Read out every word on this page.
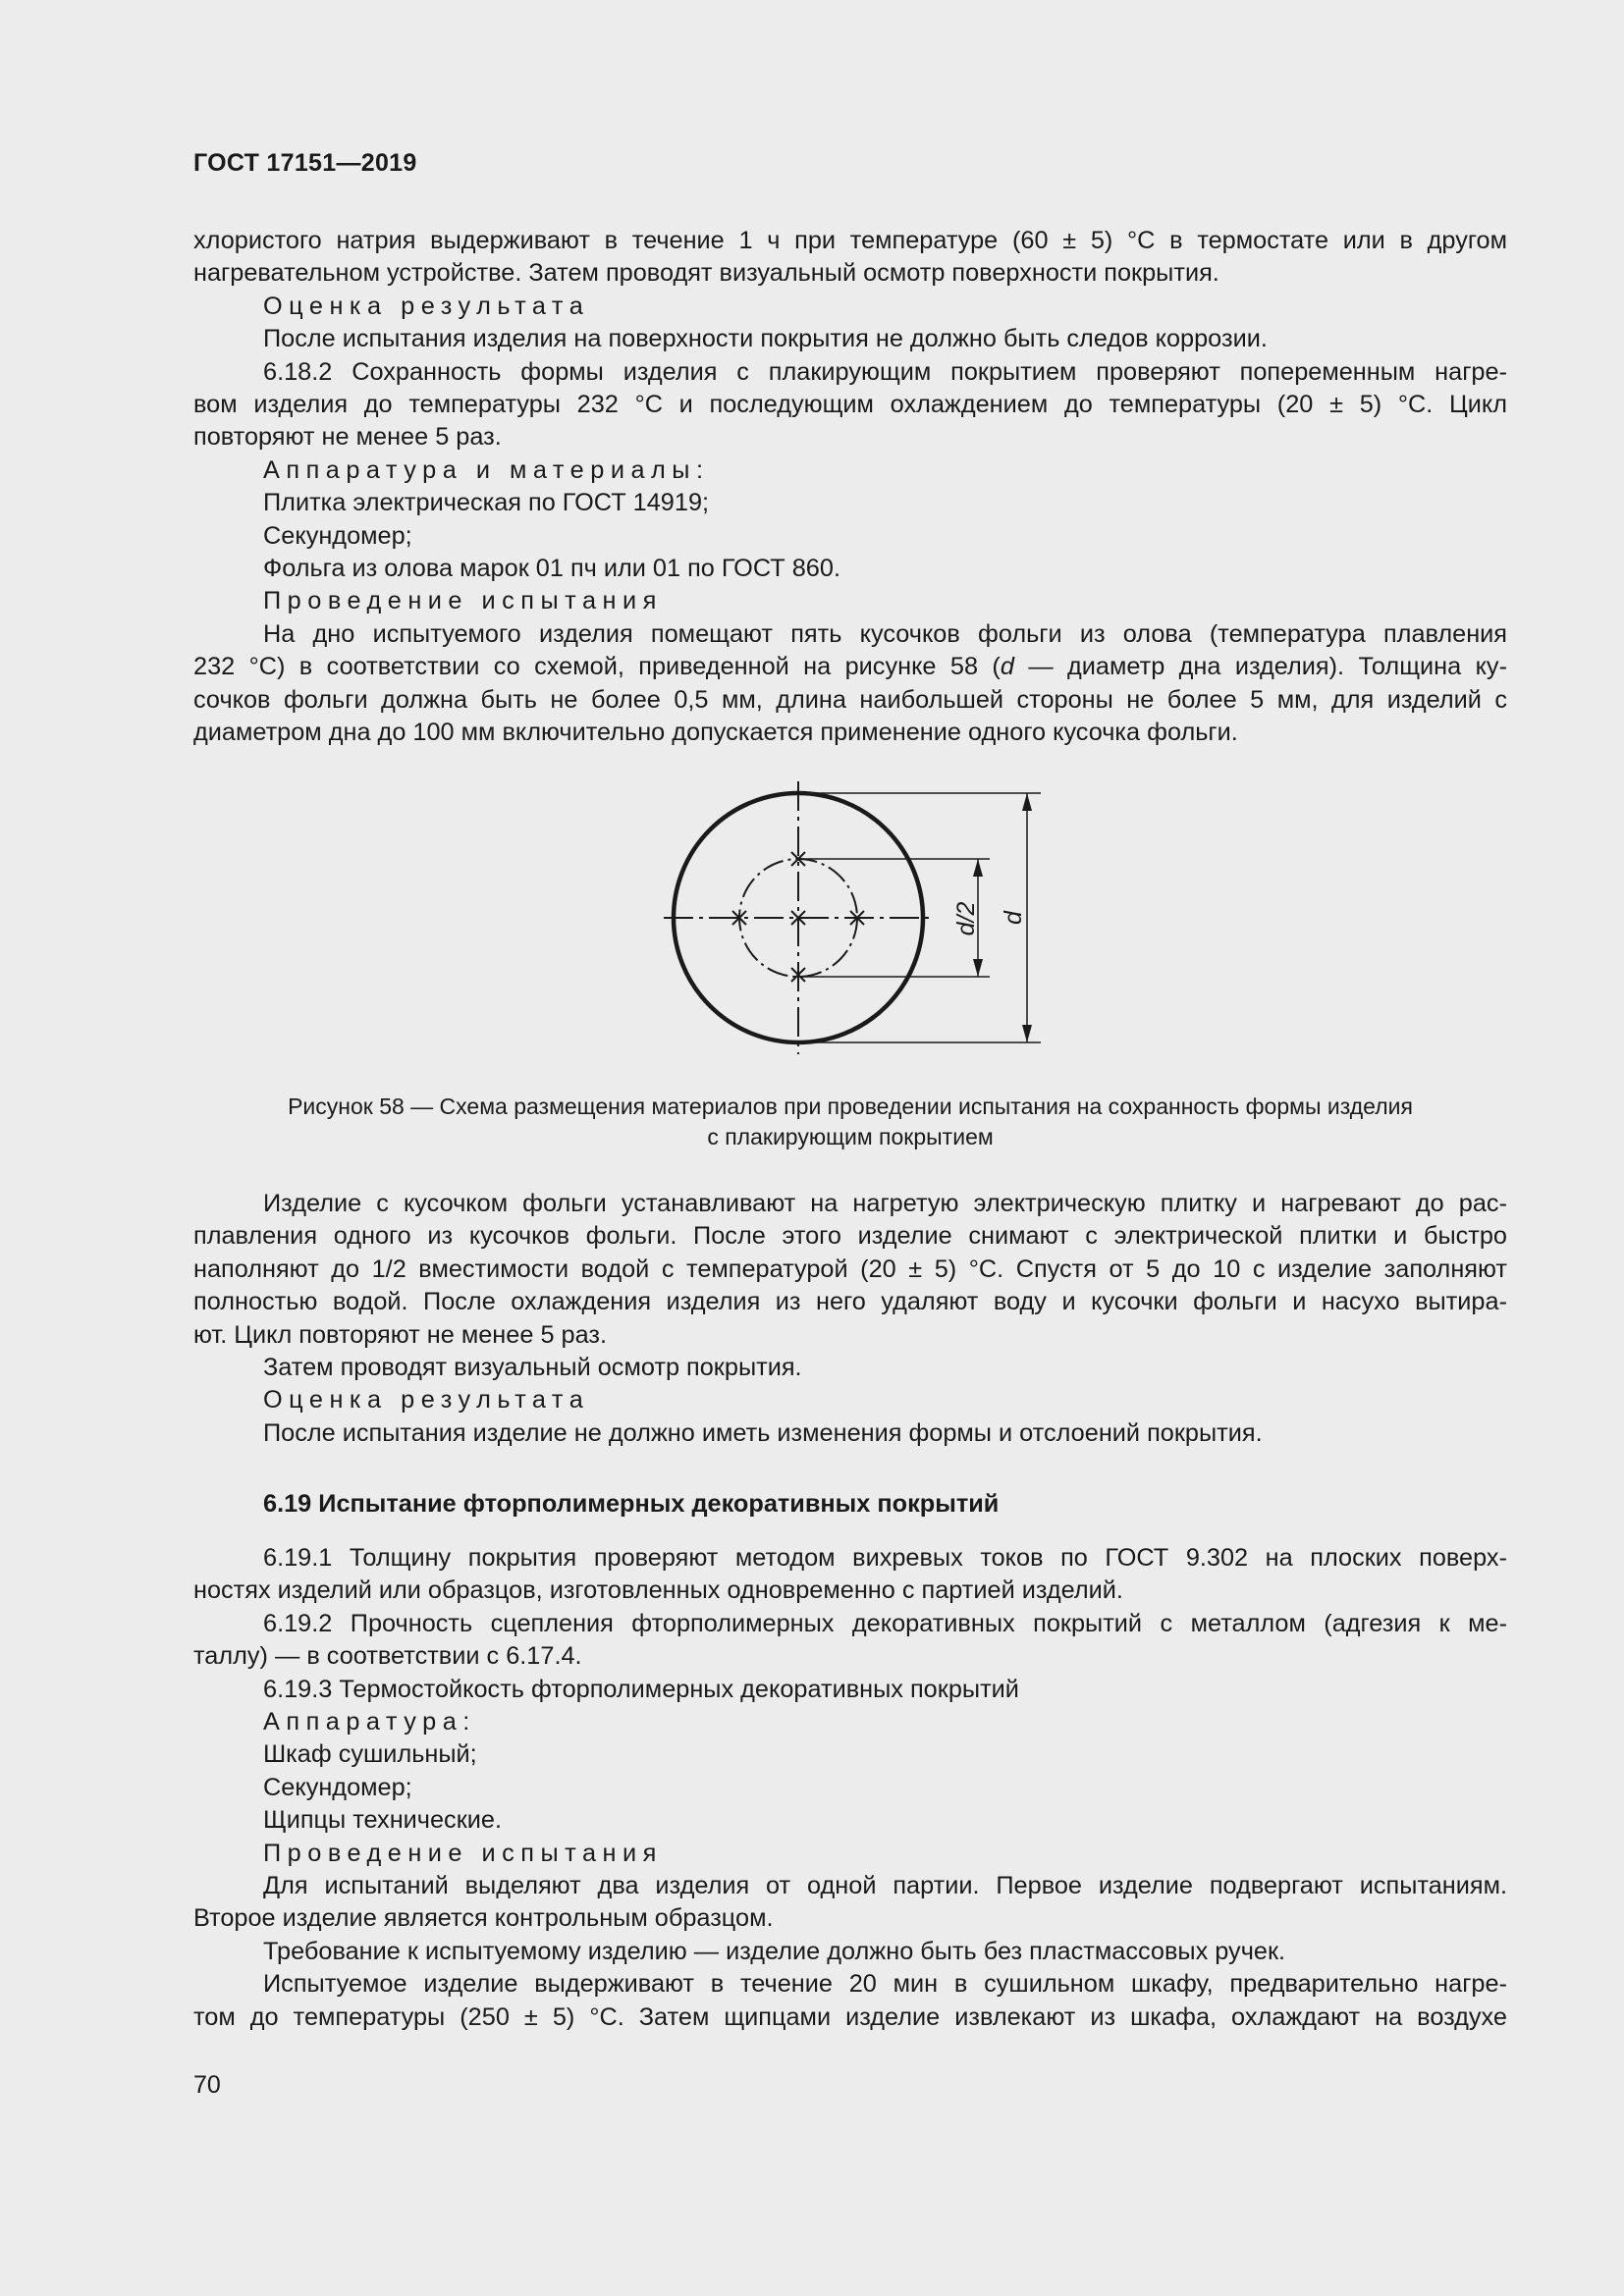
ГОСТ 17151—2019

хлористого натрия выдерживают в течение 1 ч при температуре (60 ± 5) °С в термостате или в другом

нагревательном устройстве. Затем проводят визуальный осмотр поверхности покрытия.

Оценка результата

После испытания изделия на поверхности покрытия не должно быть следов коррозии.

6.18.2 Сохранность формы изделия с плакирующим покрытием проверяют попеременным нагре-

вом изделия до температуры 232 °С и последующим охлаждением до температуры (20 ± 5) °С. Цикл

повторяют не менее 5 раз.

Аппаратура и материалы:

Плитка электрическая по ГОСТ 14919;

Секундомер;

Фольга из олова марок 01 пч или 01 по ГОСТ 860.

Проведение испытания

На дно испытуемого изделия помещают пять кусочков фольги из олова (температура плавления

232 °С) в соответствии со схемой, приведенной на рисунке 58 (d — диаметр дна изделия). Толщина ку-

сочков фольги должна быть не более 0,5 мм, длина наибольшей стороны не более 5 мм, для изделий с

диаметром дна до 100 мм включительно допускается применение одного кусочка фольги.

d/2 d
Рисунок 58 — Схема размещения материалов при проведении испытания на сохранность формы изделия
с плакирующим покрытием

Изделие с кусочком фольги устанавливают на нагретую электрическую плитку и нагревают до рас-

плавления одного из кусочков фольги. После этого изделие снимают с электрической плитки и быстро

наполняют до 1/2 вместимости водой с температурой (20 ± 5) °С. Спустя от 5 до 10 с изделие заполняют

полностью водой. После охлаждения изделия из него удаляют воду и кусочки фольги и насухо вытира-

ют. Цикл повторяют не менее 5 раз.

Затем проводят визуальный осмотр покрытия.

Оценка результата

После испытания изделие не должно иметь изменения формы и отслоений покрытия.

6.19 Испытание фторполимерных декоративных покрытий

6.19.1 Толщину покрытия проверяют методом вихревых токов по ГОСТ 9.302 на плоских поверх-

ностях изделий или образцов, изготовленных одновременно с партией изделий.

6.19.2 Прочность сцепления фторполимерных декоративных покрытий с металлом (адгезия к ме-

таллу) — в соответствии с 6.17.4.

6.19.3 Термостойкость фторполимерных декоративных покрытий

Аппаратура:

Шкаф сушильный;

Секундомер;

Щипцы технические.

Проведение испытания

Для испытаний выделяют два изделия от одной партии. Первое изделие подвергают испытаниям.

Второе изделие является контрольным образцом.

Требование к испытуемому изделию — изделие должно быть без пластмассовых ручек.

Испытуемое изделие выдерживают в течение 20 мин в сушильном шкафу, предварительно нагре-

том до температуры (250 ± 5) °С. Затем щипцами изделие извлекают из шкафа, охлаждают на воздухе

70
